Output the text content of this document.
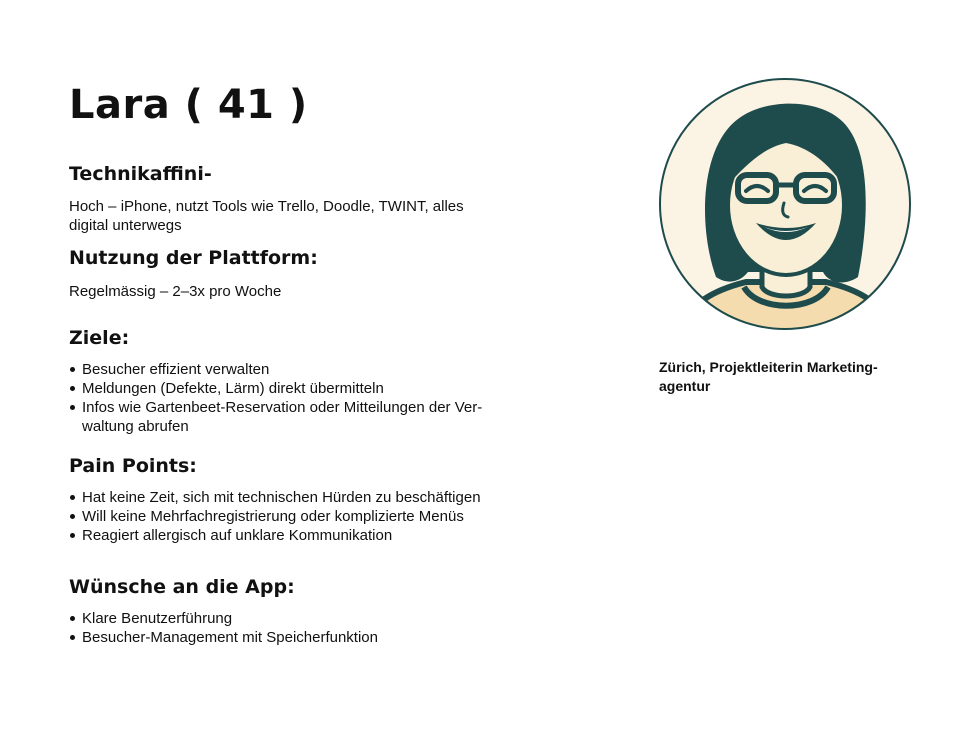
Lara ( 41 )
Technikaffini-

Hoch – iPhone, nutzt Tools wie Trello, Doodle, TWINT, alles digital unterwegs

Nutzung der Plattform:

Regelmässig – 2–3x pro Woche

Ziele:
Besucher effizient verwalten
Meldungen (Defekte, Lärm) direkt übermitteln
Infos wie Gartenbeet-Reservation oder Mitteilungen der Ver-waltung abrufen
Pain Points:
Hat keine Zeit, sich mit technischen Hürden zu beschäftigen
Will keine Mehrfachregistrierung oder komplizierte Menüs
Reagiert allergisch auf unklare Kommunikation
Wünsche an die App:
Klare Benutzerführung
Besucher-Management mit Speicherfunktion

Zürich, Projektleiterin Marketing-agentur
